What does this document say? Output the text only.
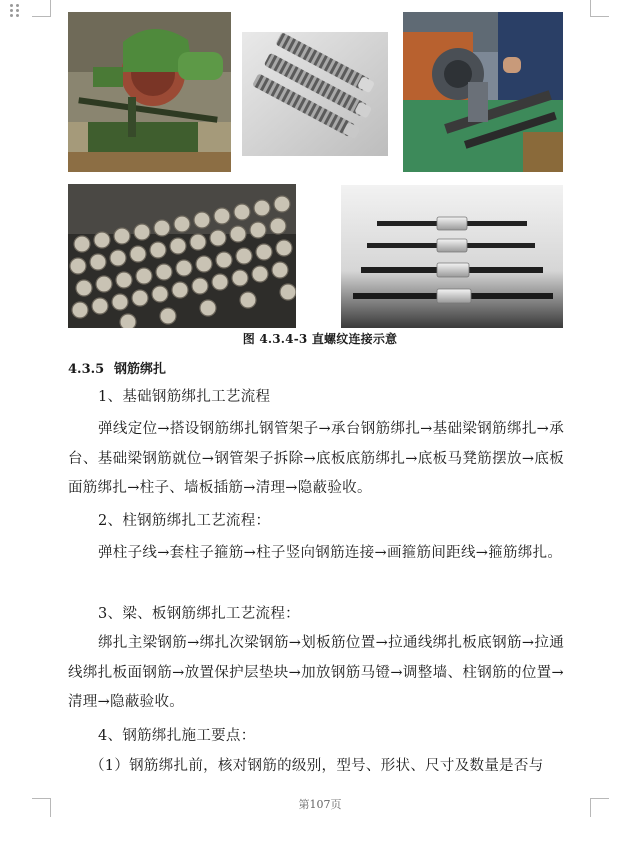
图 4.3.4-3 直螺纹连接示意
4.3.5 钢筋绑扎
1、基础钢筋绑扎工艺流程
弹线定位→搭设钢筋绑扎钢管架子→承台钢筋绑扎→基础梁钢筋绑扎→承台、基础梁钢筋就位→钢管架子拆除→底板底筋绑扎→底板马凳筋摆放→底板面筋绑扎→柱子、墙板插筋→清理→隐蔽验收。
2、柱钢筋绑扎工艺流程：
弹柱子线→套柱子箍筋→柱子竖向钢筋连接→画箍筋间距线→箍筋绑扎。
3、梁、板钢筋绑扎工艺流程：
绑扎主梁钢筋→绑扎次梁钢筋→划板筋位置→拉通线绑扎板底钢筋→拉通线绑扎板面钢筋→放置保护层垫块→加放钢筋马镫→调整墙、柱钢筋的位置→清理→隐蔽验收。
4、钢筋绑扎施工要点：
（1）钢筋绑扎前，核对钢筋的级别，型号、形状、尺寸及数量是否与
第107页
